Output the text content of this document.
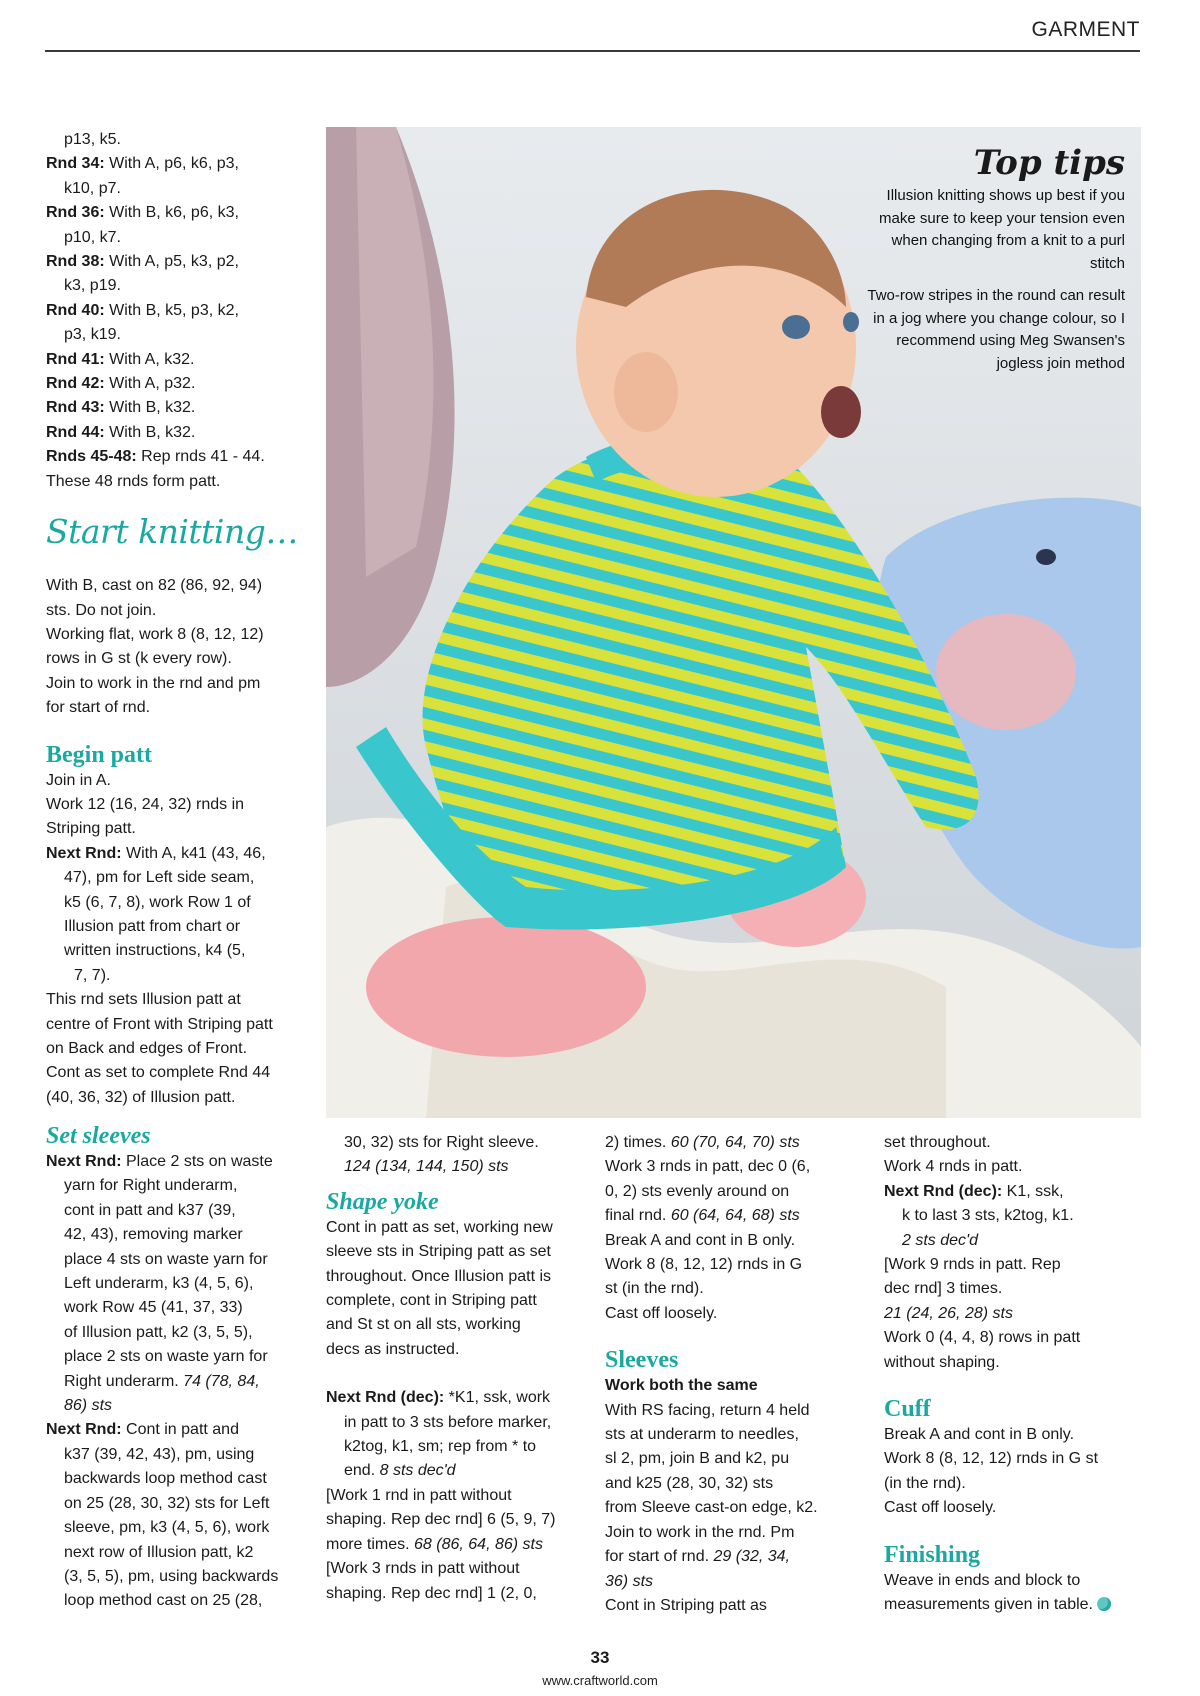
GARMENT

p13, k5.

Rnd 34: With A, p6, k6, p3,

k10, p7.

Rnd 36: With B, k6, p6, k3,

p10, k7.

Rnd 38: With A, p5, k3, p2,

k3, p19.

Rnd 40: With B, k5, p3, k2,

p3, k19.

Rnd 41: With A, k32.

Rnd 42: With A, p32.

Rnd 43: With B, k32.

Rnd 44: With B, k32.

Rnds 45-48: Rep rnds 41 - 44.

These 48 rnds form patt.

Start knitting…

With B, cast on 82 (86, 92, 94)

sts. Do not join.

Working flat, work 8 (8, 12, 12)

rows in G st (k every row).

Join to work in the rnd and pm

for start of rnd.

Begin patt

Join in A.

Work 12 (16, 24, 32) rnds in

Striping patt.

Next Rnd: With A, k41 (43, 46,

47), pm for Left side seam,

k5 (6, 7, 8), work Row 1 of

Illusion patt from chart or

written instructions, k4 (5,

7, 7).

This rnd sets Illusion patt at

centre of Front with Striping patt

on Back and edges of Front.

Cont as set to complete Rnd 44

(40, 36, 32) of Illusion patt.

Set sleeves

Next Rnd: Place 2 sts on waste

yarn for Right underarm,

cont in patt and k37 (39,

42, 43), removing marker

place 4 sts on waste yarn for

Left underarm, k3 (4, 5, 6),

work Row 45 (41, 37, 33)

of Illusion patt, k2 (3, 5, 5),

place 2 sts on waste yarn for

Right underarm. 74 (78, 84,

86) sts

Next Rnd: Cont in patt and

k37 (39, 42, 43), pm, using

backwards loop method cast

on 25 (28, 30, 32) sts for Left

sleeve, pm, k3 (4, 5, 6), work

next row of Illusion patt, k2

(3, 5, 5), pm, using backwards

loop method cast on 25 (28,

30, 32) sts for Right sleeve.

124 (134, 144, 150) sts

Shape yoke

Cont in patt as set, working new

sleeve sts in Striping patt as set

throughout. Once Illusion patt is

complete, cont in Striping patt

and St st on all sts, working

decs as instructed.

Next Rnd (dec): *K1, ssk, work

in patt to 3 sts before marker,

k2tog, k1, sm; rep from * to

end. 8 sts dec'd

[Work 1 rnd in patt without

shaping. Rep dec rnd] 6 (5, 9, 7)

more times. 68 (86, 64, 86) sts

[Work 3 rnds in patt without

shaping. Rep dec rnd] 1 (2, 0,

2) times. 60 (70, 64, 70) sts

Work 3 rnds in patt, dec 0 (6,

0, 2) sts evenly around on

final rnd. 60 (64, 64, 68) sts

Break A and cont in B only.

Work 8 (8, 12, 12) rnds in G

st (in the rnd).

Cast off loosely.

Sleeves

Work both the same

With RS facing, return 4 held

sts at underarm to needles,

sl 2, pm, join B and k2, pu

and k25 (28, 30, 32) sts

from Sleeve cast-on edge, k2.

Join to work in the rnd. Pm

for start of rnd. 29 (32, 34,

36) sts

Cont in Striping patt as

set throughout.

Work 4 rnds in patt.

Next Rnd (dec): K1, ssk,

k to last 3 sts, k2tog, k1.

2 sts dec'd

[Work 9 rnds in patt. Rep

dec rnd] 3 times.

21 (24, 26, 28) sts

Work 0 (4, 4, 8) rows in patt

without shaping.

Cuff

Break A and cont in B only.

Work 8 (8, 12, 12) rnds in G st

(in the rnd).

Cast off loosely.

Finishing

Weave in ends and block to

measurements given in table.

Top tips

Illusion knitting shows up best if you make sure to keep your tension even when changing from a knit to a purl stitch

Two-row stripes in the round can result in a jog where you change colour, so I recommend using Meg Swansen's jogless join method

33
www.craftworld.com
